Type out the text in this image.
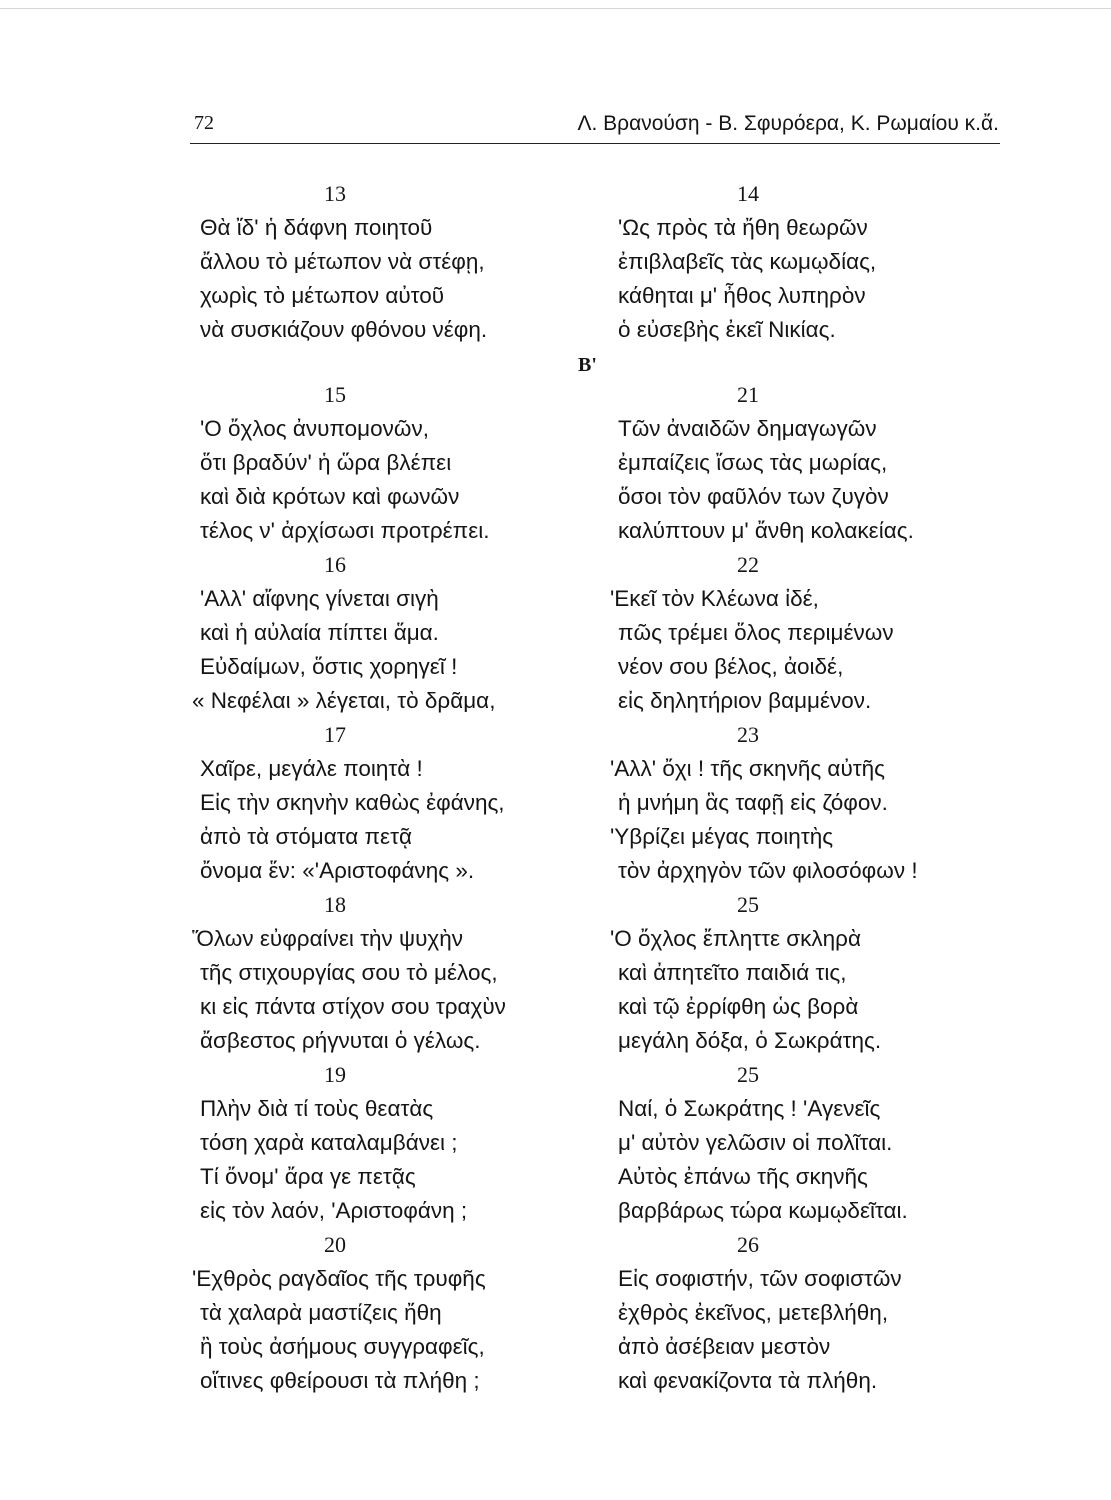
72	Λ. Βρανούση - Β. Σφυρόερα, Κ. Ρωμαίου κ.ἄ.
Β'
13
Θὰ ἴδ' ἡ δάφνη ποιητοῦ
ἄλλου τὸ μέτωπον νὰ στέφῃ,
χωρὶς τὸ μέτωπον αὐτοῦ
νὰ συσκιάζουν φθόνου νέφη.
15
'Ο ὄχλος ἀνυπομονῶν,
ὅτι βραδύν' ἡ ὥρα βλέπει
καὶ διὰ κρότων καὶ φωνῶν
τέλος ν' ἀρχίσωσι προτρέπει.
16
'Αλλ' αἴφνης γίνεται σιγὴ
καὶ ἡ αὐλαία πίπτει ἅμα.
Εὐδαίμων, ὅστις χορηγεῖ !
« Νεφέλαι » λέγεται, τὸ δρᾶμα,
17
Χαῖρε, μεγάλε ποιητὰ !
Εἰς τὴν σκηνὴν καθὼς ἐφάνης,
ἀπὸ τὰ στόματα πετᾷ
ὄνομα ἕν: «'Αριστοφάνης ».
18
Ὅλων εὐφραίνει τὴν ψυχὴν
τῆς στιχουργίας σου τὸ μέλος,
κι εἰς πάντα στίχον σου τραχὺν
ἄσβεστος ρήγνυται ὁ γέλως.
19
Πλὴν διὰ τί τοὺς θεατὰς
τόση χαρὰ καταλαμβάνει ;
Τί ὄνομ' ἄρα γε πετᾷς
εἰς τὸν λαόν, 'Αριστοφάνη ;
20
'Εχθρὸς ραγδαῖος τῆς τρυφῆς
τὰ χαλαρὰ μαστίζεις ἤθη
ἢ τοὺς ἀσήμους συγγραφεῖς,
οἵτινες φθείρουσι τὰ πλήθη ;
14
'Ως πρὸς τὰ ἤθη θεωρῶν
ἐπιβλαβεῖς τὰς κωμῳδίας,
κάθηται μ' ἦθος λυπηρὸν
ὁ εὐσεβὴς ἐκεῖ Νικίας.
21
Τῶν ἀναιδῶν δημαγωγῶν
ἐμπαίζεις ἴσως τὰς μωρίας,
ὅσοι τὸν φαῦλόν των ζυγὸν
καλύπτουν μ' ἄνθη κολακείας.
22
'Εκεῖ τὸν Κλέωνα ἰδέ,
πῶς τρέμει ὅλος περιμένων
νέον σου βέλος, ἀοιδέ,
εἰς δηλητήριον βαμμένον.
23
'Αλλ' ὄχι ! τῆς σκηνῆς αὐτῆς
ἡ μνήμη ἃς ταφῇ εἰς ζόφον.
'Υβρίζει μέγας ποιητὴς
τὸν ἀρχηγὸν τῶν φιλοσόφων !
25
'Ο ὄχλος ἔπληττε σκληρὰ
καὶ ἀπητεῖτο παιδιά τις,
καὶ τῷ ἐρρίφθη ὡς βορὰ
μεγάλη δόξα, ὁ Σωκράτης.
25
Ναί, ὁ Σωκράτης ! 'Αγενεῖς
μ' αὐτὸν γελῶσιν οἱ πολῖται.
Αὐτὸς ἐπάνω τῆς σκηνῆς
βαρβάρως τώρα κωμῳδεῖται.
26
Εἰς σοφιστήν, τῶν σοφιστῶν
ἐχθρὸς ἐκεῖνος, μετεβλήθη,
ἀπὸ ἀσέβειαν μεστὸν
καὶ φενακίζοντα τὰ πλήθη.
